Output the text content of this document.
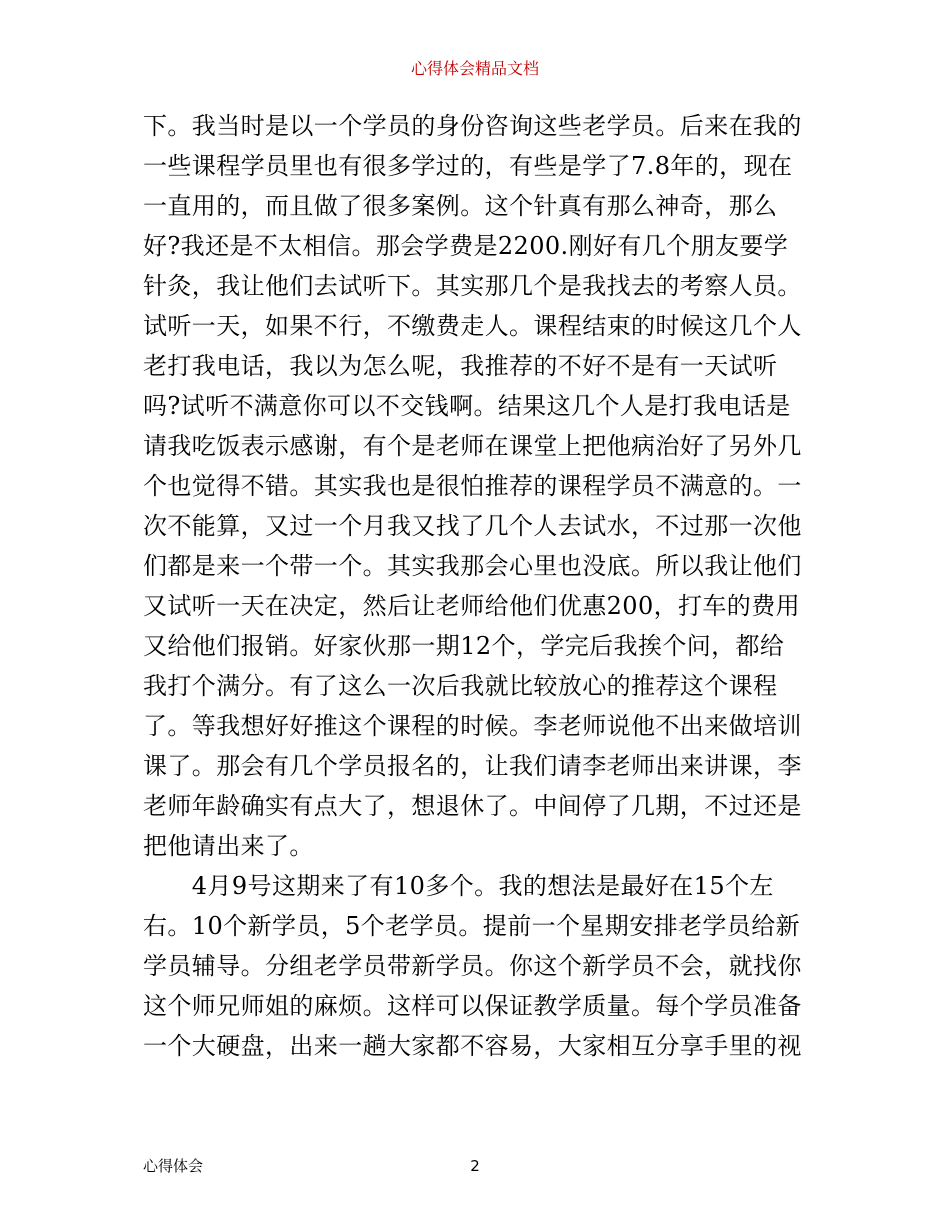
心得体会精品文档
下。我当时是以一个学员的身份咨询这些老学员。后来在我的
一些课程学员里也有很多学过的，有些是学了7.8年的，现在
一直用的，而且做了很多案例。这个针真有那么神奇，那么
好?我还是不太相信。那会学费是2200.刚好有几个朋友要学
针灸，我让他们去试听下。其实那几个是我找去的考察人员。
试听一天，如果不行，不缴费走人。课程结束的时候这几个人
老打我电话，我以为怎么呢，我推荐的不好不是有一天试听
吗?试听不满意你可以不交钱啊。结果这几个人是打我电话是
请我吃饭表示感谢，有个是老师在课堂上把他病治好了另外几
个也觉得不错。其实我也是很怕推荐的课程学员不满意的。一
次不能算，又过一个月我又找了几个人去试水，不过那一次他
们都是来一个带一个。其实我那会心里也没底。所以我让他们
又试听一天在决定，然后让老师给他们优惠200，打车的费用
又给他们报销。好家伙那一期12个，学完后我挨个问，都给
我打个满分。有了这么一次后我就比较放心的推荐这个课程
了。等我想好好推这个课程的时候。李老师说他不出来做培训
课了。那会有几个学员报名的，让我们请李老师出来讲课，李
老师年龄确实有点大了，想退休了。中间停了几期，不过还是
把他请出来了。
　　4月9号这期来了有10多个。我的想法是最好在15个左
右。10个新学员，5个老学员。提前一个星期安排老学员给新
学员辅导。分组老学员带新学员。你这个新学员不会，就找你
这个师兄师姐的麻烦。这样可以保证教学质量。每个学员准备
一个大硬盘，出来一趟大家都不容易，大家相互分享手里的视
心得体会	2
